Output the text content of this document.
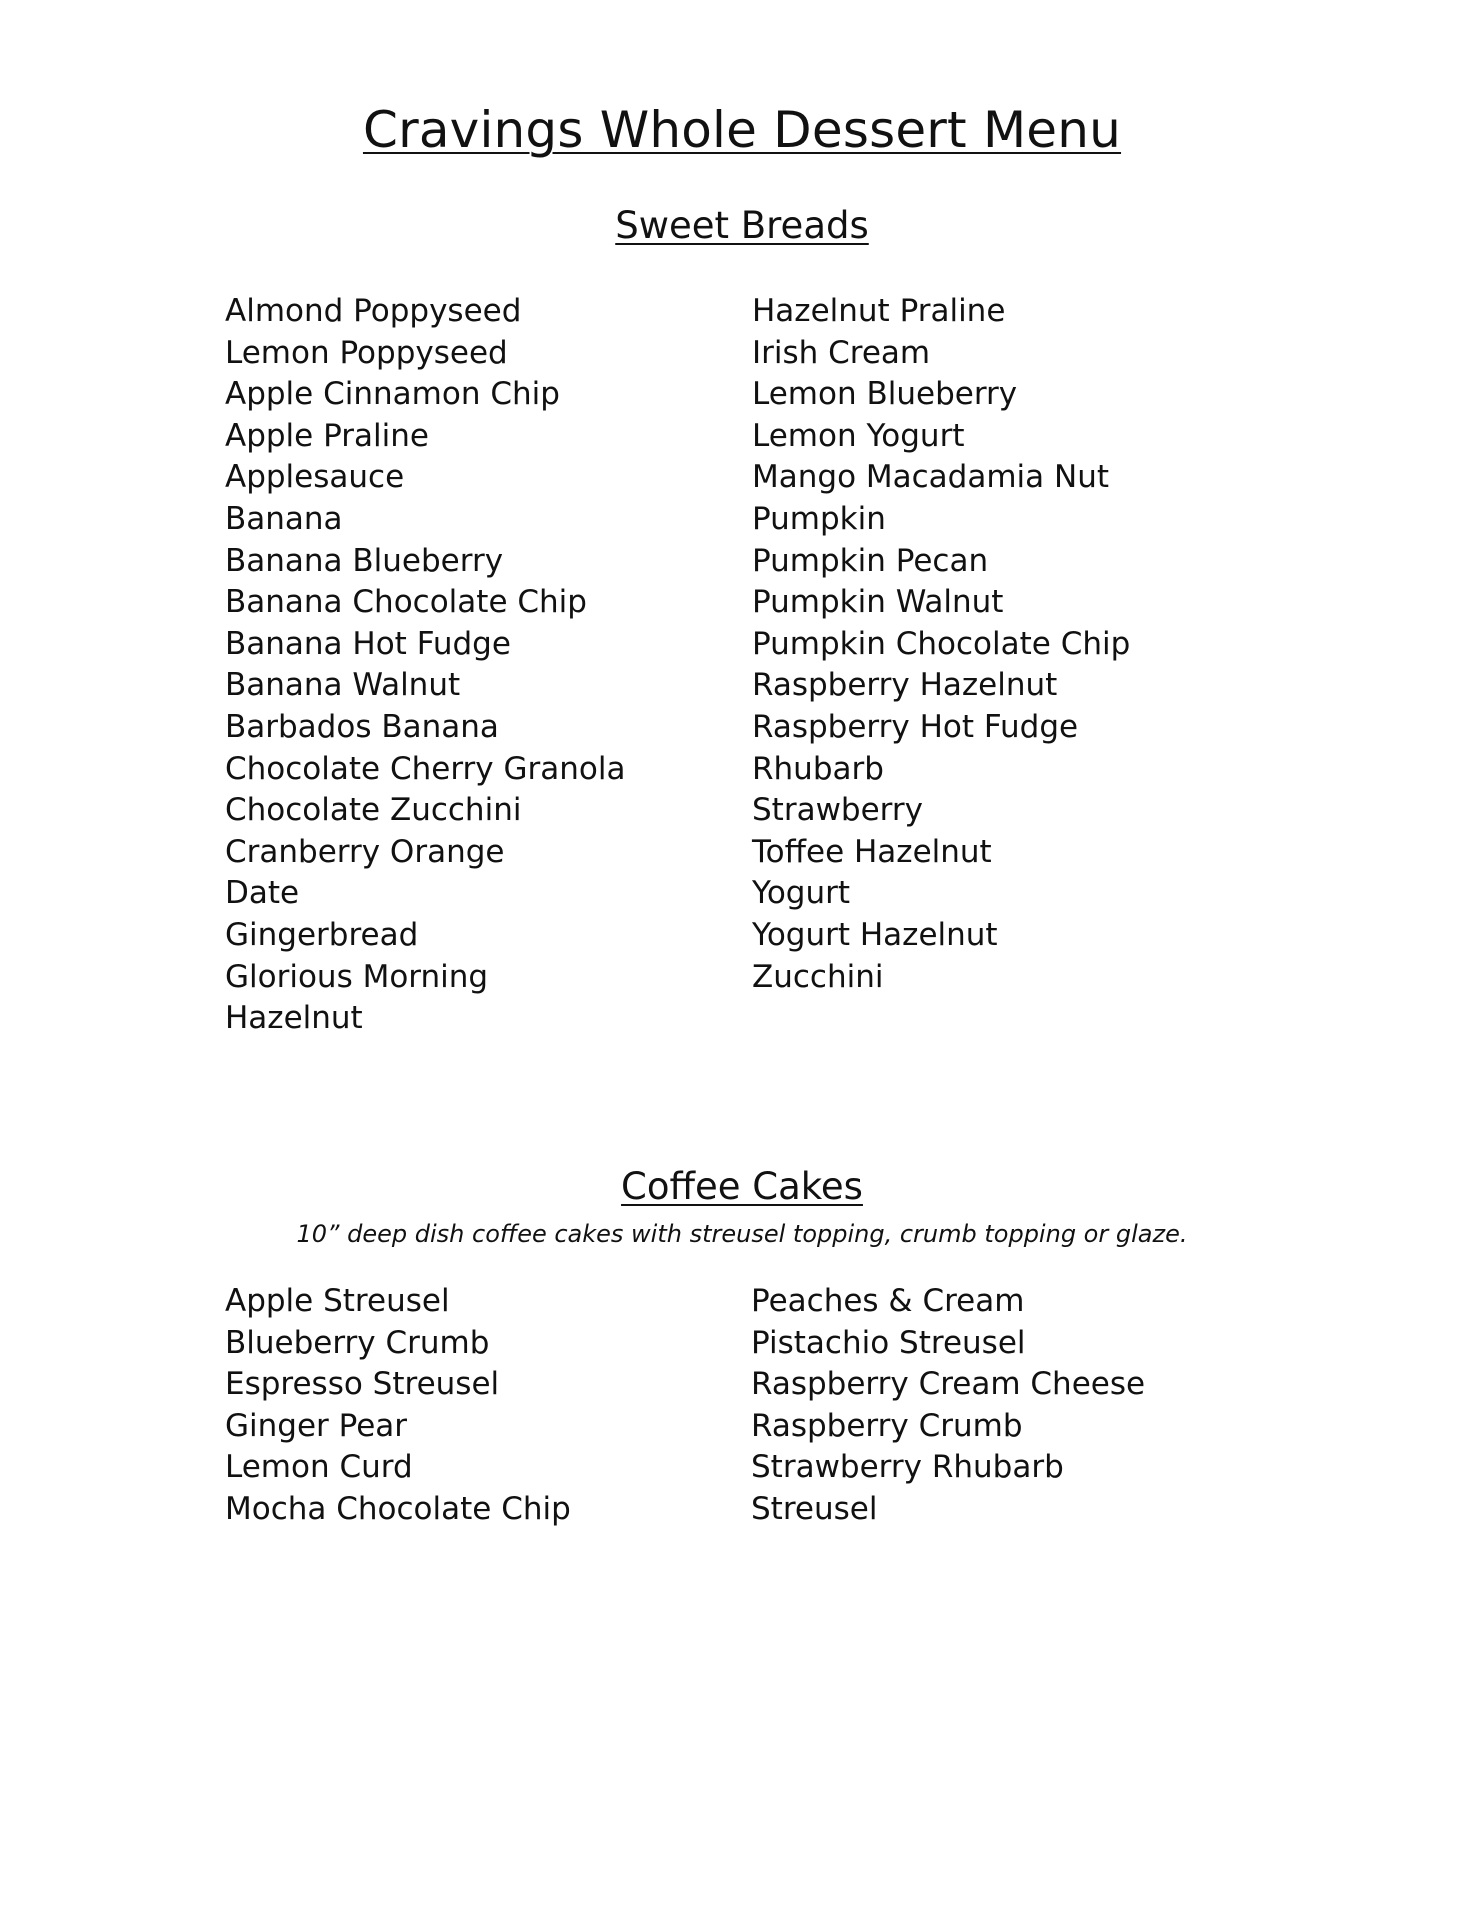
Cravings Whole Dessert Menu
Sweet Breads
Almond Poppyseed
Lemon Poppyseed
Apple Cinnamon Chip
Apple Praline
Applesauce
Banana
Banana Blueberry
Banana Chocolate Chip
Banana Hot Fudge
Banana Walnut
Barbados Banana
Chocolate Cherry Granola
Chocolate Zucchini
Cranberry Orange
Date
Gingerbread
Glorious Morning
Hazelnut
Hazelnut Praline
Irish Cream
Lemon Blueberry
Lemon Yogurt
Mango Macadamia Nut
Pumpkin
Pumpkin Pecan
Pumpkin Walnut
Pumpkin Chocolate Chip
Raspberry Hazelnut
Raspberry Hot Fudge
Rhubarb
Strawberry
Toffee Hazelnut
Yogurt
Yogurt Hazelnut
Zucchini
Coffee Cakes

10” deep dish coffee cakes with streusel topping, crumb topping or glaze.

Apple Streusel
Blueberry Crumb
Espresso Streusel
Ginger Pear
Lemon Curd
Mocha Chocolate Chip
Peaches & Cream
Pistachio Streusel
Raspberry Cream Cheese
Raspberry Crumb
Strawberry Rhubarb
Streusel
